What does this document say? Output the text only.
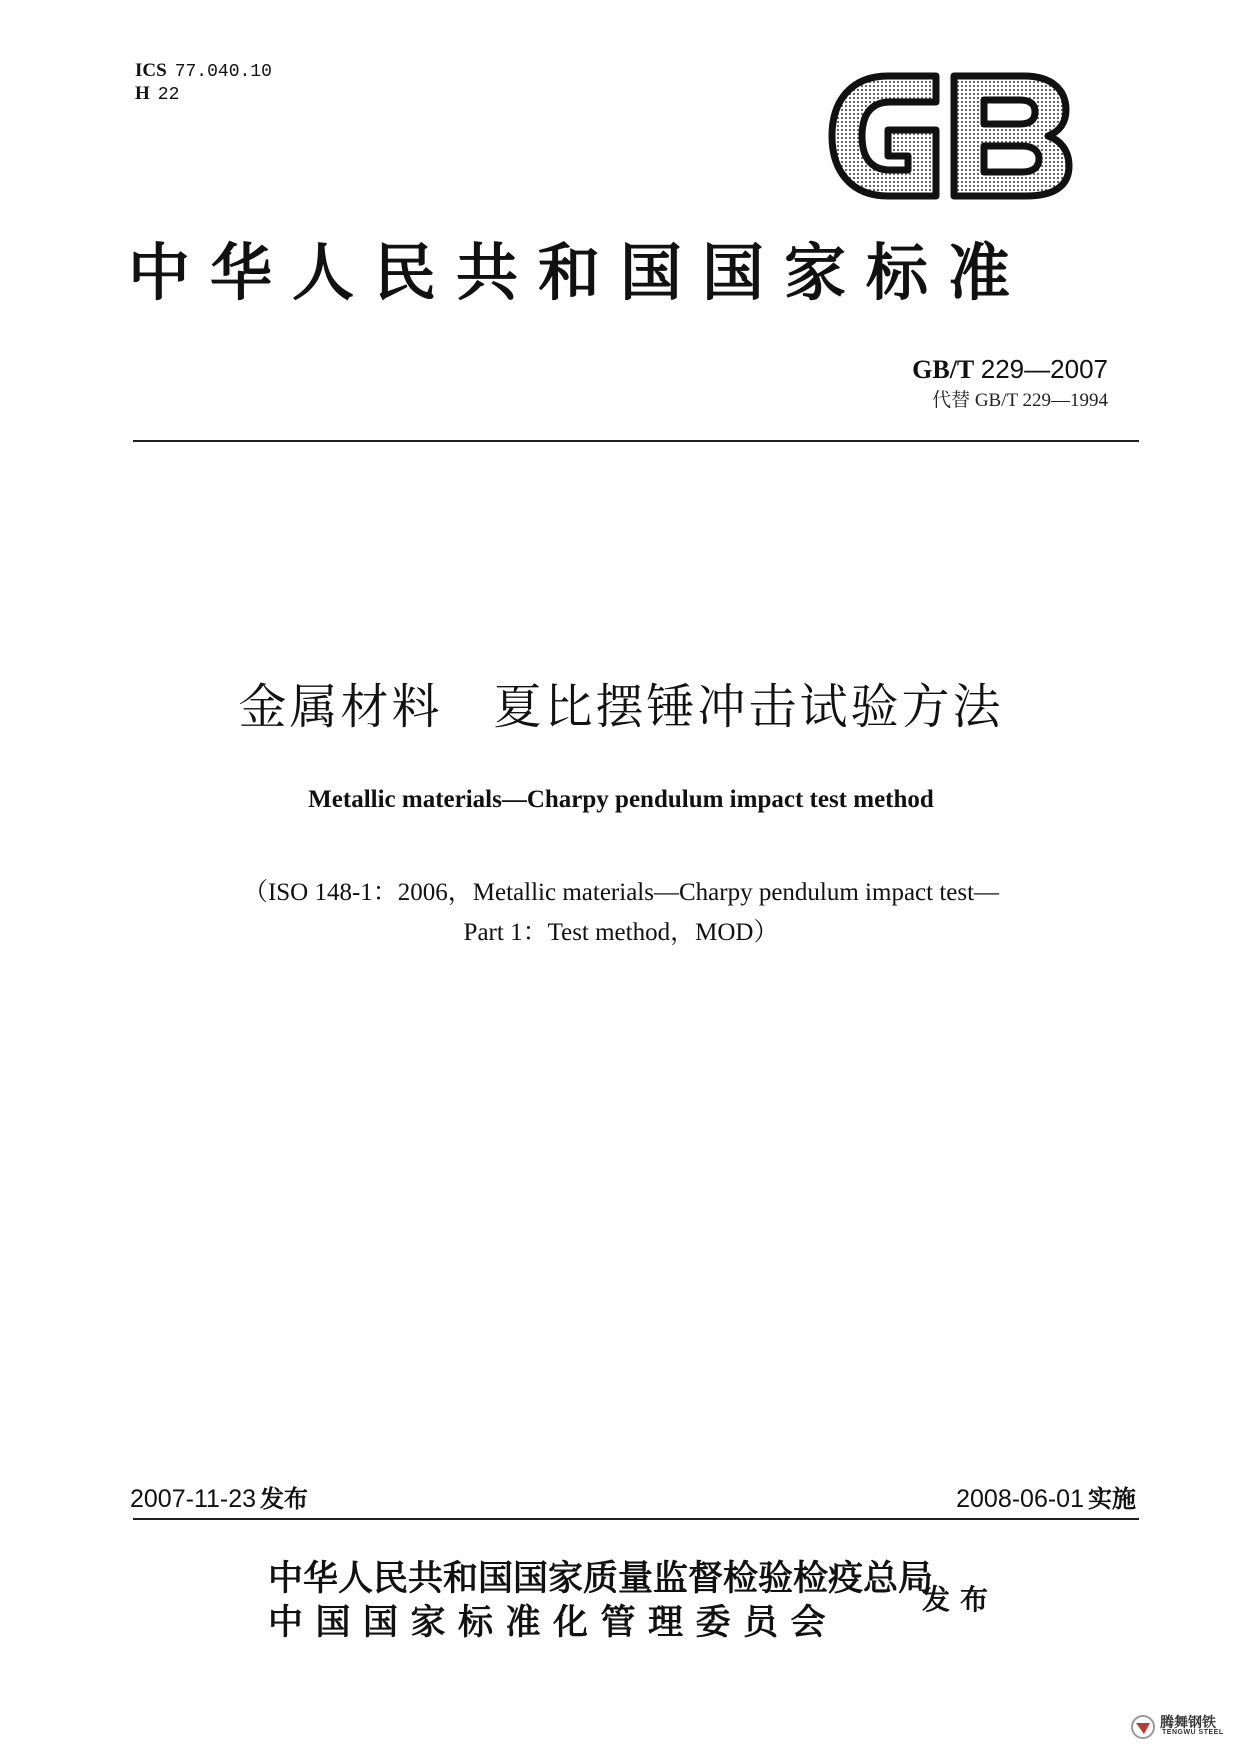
ICS 77.040.10
H 22
中华人民共和国国家标准
GB/T 229—2007
代替 GB/T 229—1994
金属材料　夏比摆锤冲击试验方法
Metallic materials—Charpy pendulum impact test method
（ISO 148-1：2006，Metallic materials—Charpy pendulum impact test—
Part 1：Test method，MOD）
2007-11-23 发布	2008-06-01 实施
中华人民共和国国家质量监督检验检疫总局
中国国家标准化管理委员会
发布
腾舞钢铁
TENGWU STEEL
